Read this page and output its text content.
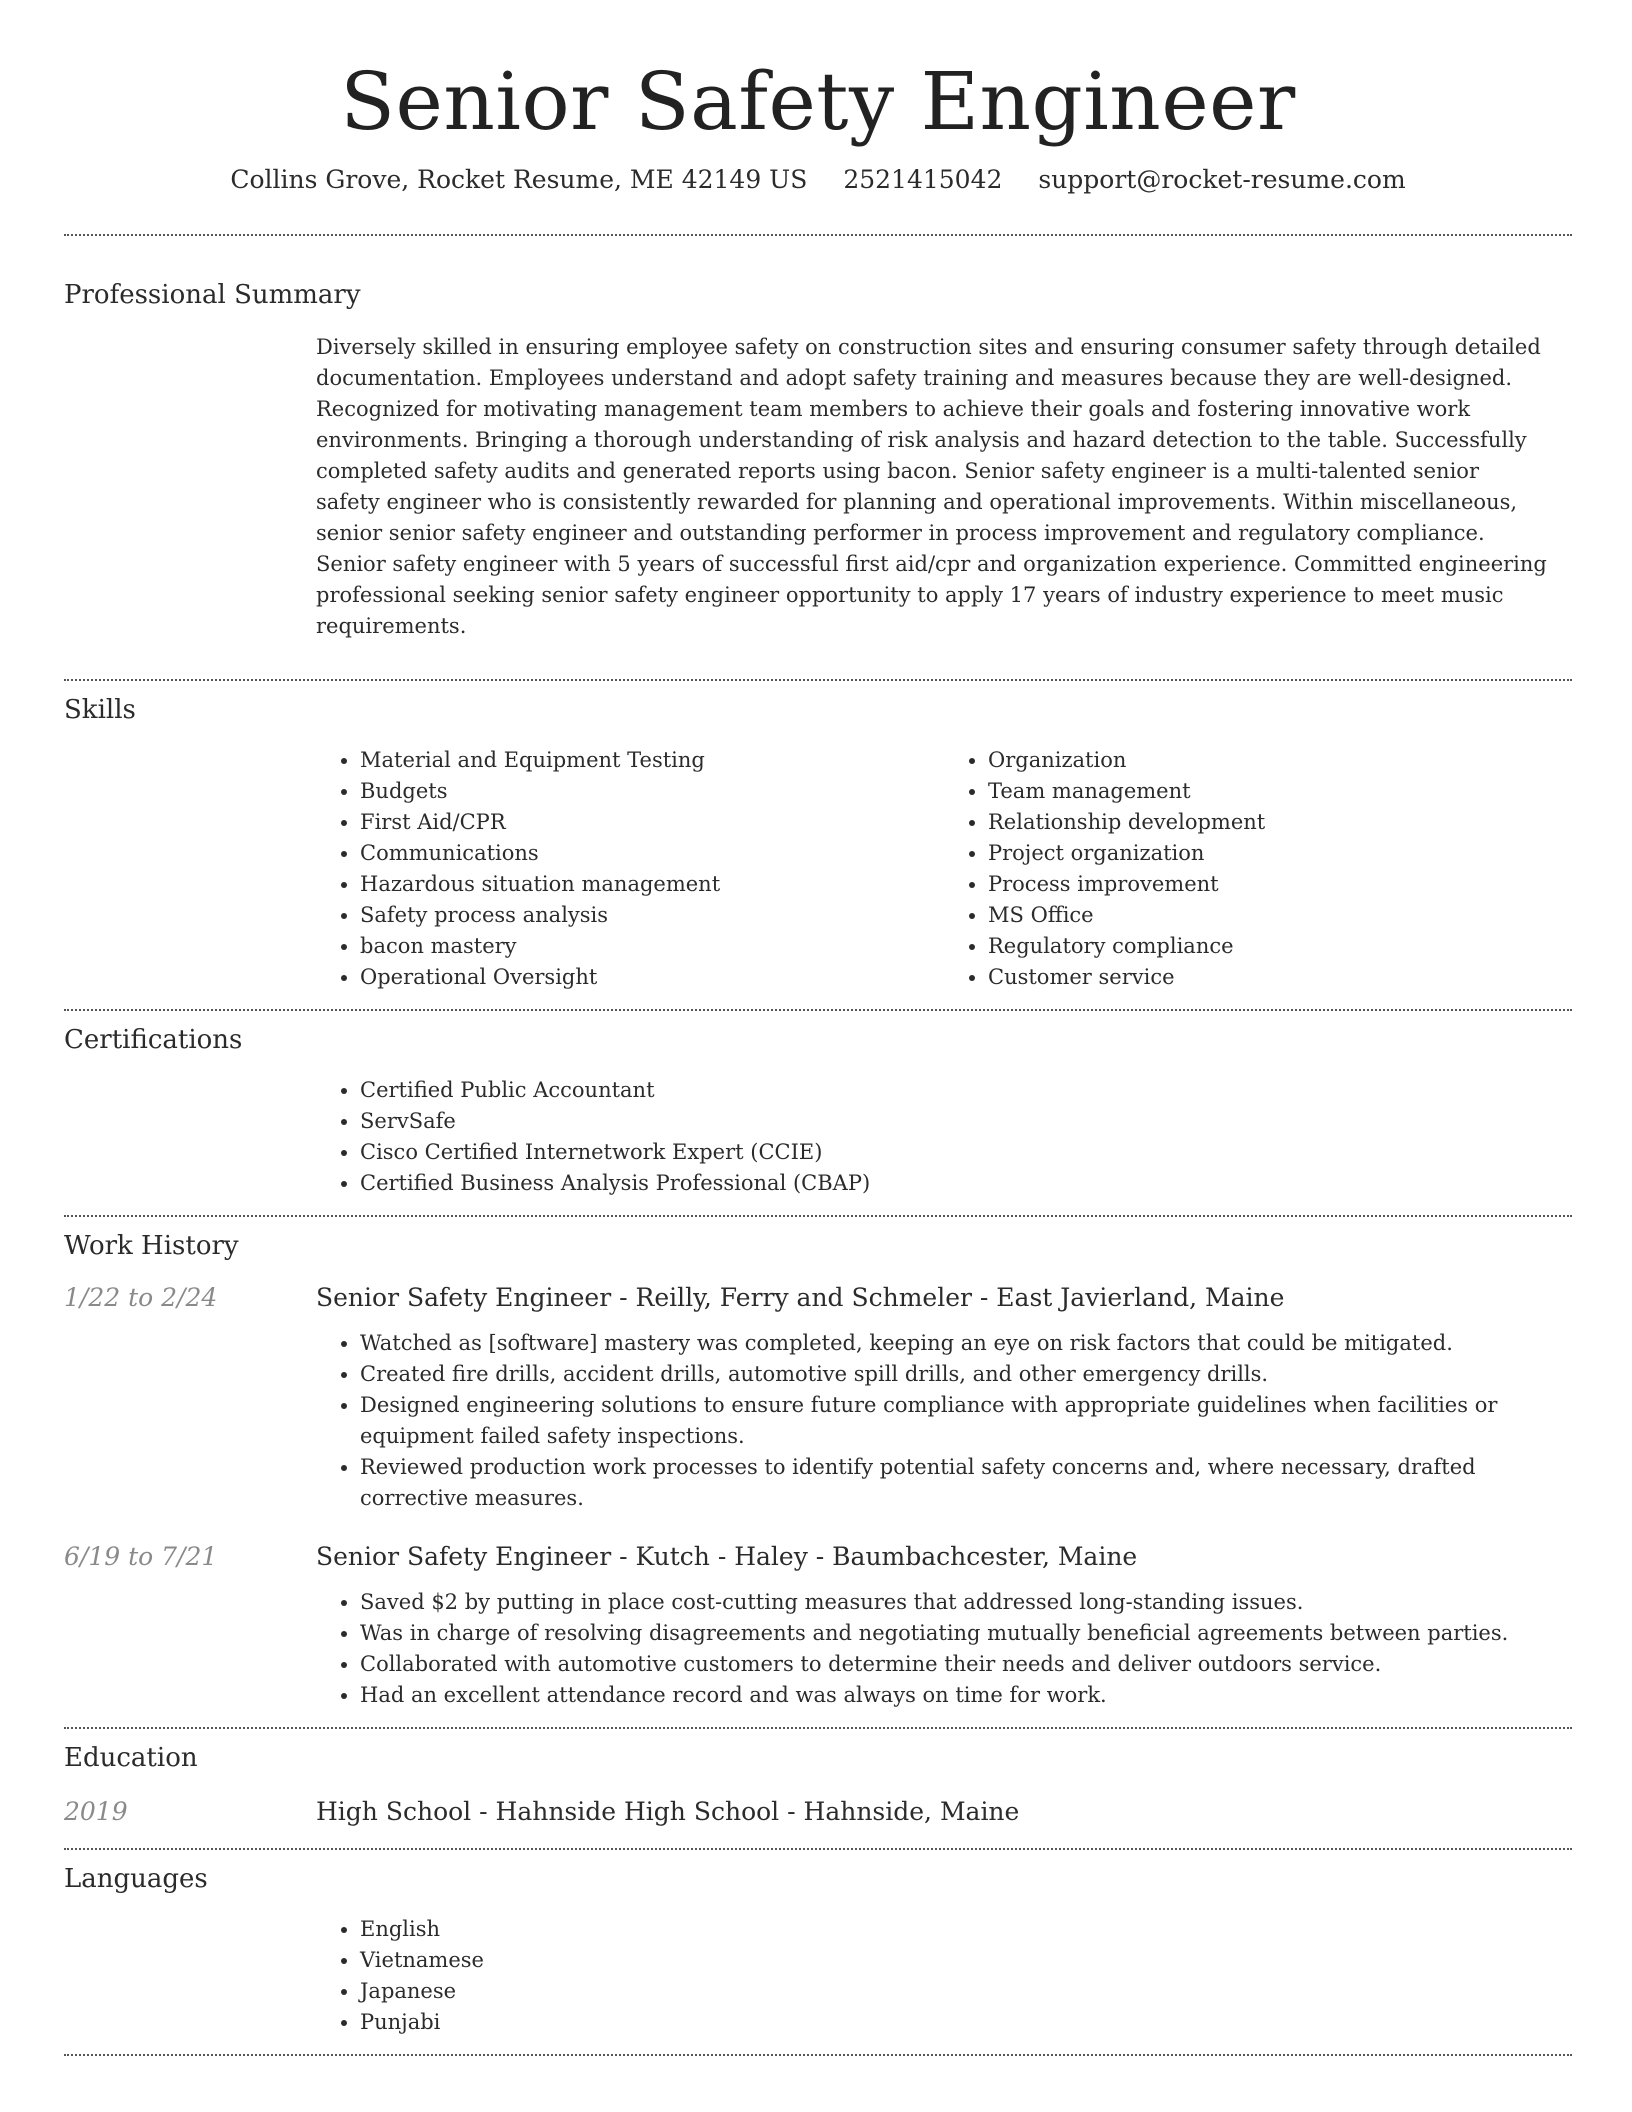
Senior Safety Engineer
Collins Grove, Rocket Resume, ME 42149 US 2521415042 support@rocket-resume.com
Professional Summary

Diversely skilled in ensuring employee safety on construction sites and ensuring consumer safety through detailed documentation. Employees understand and adopt safety training and measures because they are well-designed. Recognized for motivating management team members to achieve their goals and fostering innovative work environments. Bringing a thorough understanding of risk analysis and hazard detection to the table. Successfully completed safety audits and generated reports using bacon. Senior safety engineer is a multi-talented senior safety engineer who is consistently rewarded for planning and operational improvements. Within miscellaneous, senior senior safety engineer and outstanding performer in process improvement and regulatory compliance. Senior safety engineer with 5 years of successful first aid/cpr and organization experience. Committed engineering professional seeking senior safety engineer opportunity to apply 17 years of industry experience to meet music requirements.

Skills
• Material and Equipment Testing
• Budgets
• First Aid/CPR
• Communications
• Hazardous situation management
• Safety process analysis
• bacon mastery
• Operational Oversight
• Organization
• Team management
• Relationship development
• Project organization
• Process improvement
• MS Office
• Regulatory compliance
• Customer service
Certifications
• Certified Public Accountant
• ServSafe
• Cisco Certified Internetwork Expert (CCIE)
• Certified Business Analysis Professional (CBAP)
Work History
1/22 to 2/24	Senior Safety Engineer - Reilly, Ferry and Schmeler - East Javierland, Maine
• Watched as [software] mastery was completed, keeping an eye on risk factors that could be mitigated.
• Created fire drills, accident drills, automotive spill drills, and other emergency drills.
• Designed engineering solutions to ensure future compliance with appropriate guidelines when facilities or equipment failed safety inspections.
• Reviewed production work processes to identify potential safety concerns and, where necessary, drafted corrective measures.
6/19 to 7/21	Senior Safety Engineer - Kutch - Haley - Baumbachcester, Maine
• Saved $2 by putting in place cost-cutting measures that addressed long-standing issues.
• Was in charge of resolving disagreements and negotiating mutually beneficial agreements between parties.
• Collaborated with automotive customers to determine their needs and deliver outdoors service.
• Had an excellent attendance record and was always on time for work.
Education
2019	High School - Hahnside High School - Hahnside, Maine
Languages
• English
• Vietnamese
• Japanese
• Punjabi
